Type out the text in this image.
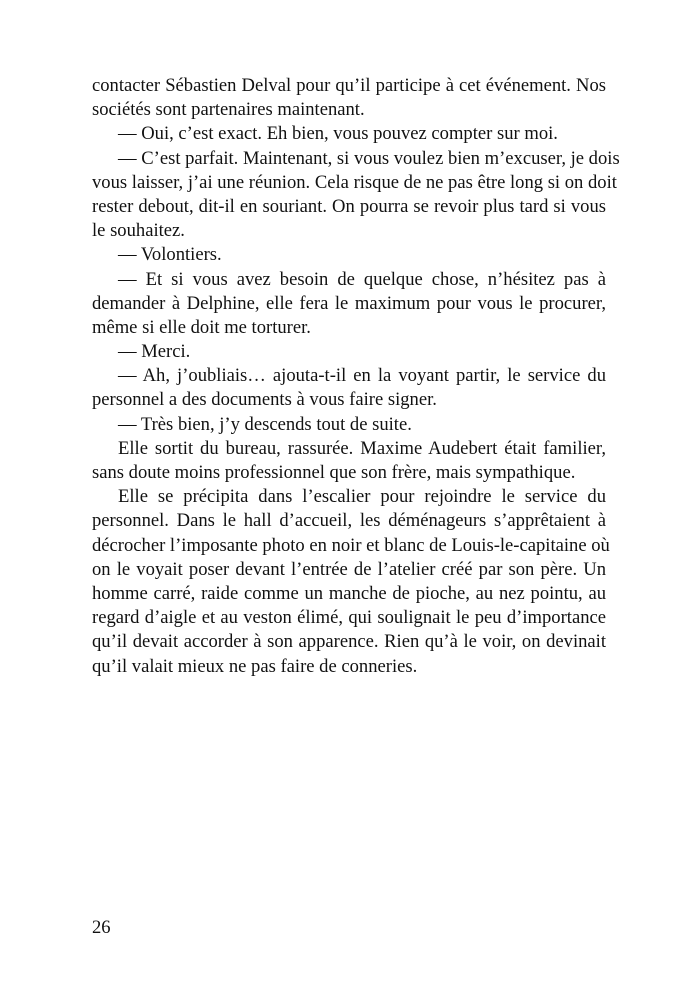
contacter Sébastien Delval pour qu’il participe à cet événement. Nos
sociétés sont partenaires maintenant.
— Oui, c’est exact. Eh bien, vous pouvez compter sur moi.
— C’est parfait. Maintenant, si vous voulez bien m’excuser, je dois
vous laisser, j’ai une réunion. Cela risque de ne pas être long si on doit
rester debout, dit-il en souriant. On pourra se revoir plus tard si vous
le souhaitez.
— Volontiers.
— Et si vous avez besoin de quelque chose, n’hésitez pas à
demander à Delphine, elle fera le maximum pour vous le procurer,
même si elle doit me torturer.
— Merci.
— Ah, j’oubliais… ajouta-t-il en la voyant partir, le service du
personnel a des documents à vous faire signer.
— Très bien, j’y descends tout de suite.
Elle sortit du bureau, rassurée. Maxime Audebert était familier,
sans doute moins professionnel que son frère, mais sympathique.
Elle se précipita dans l’escalier pour rejoindre le service du
personnel. Dans le hall d’accueil, les déménageurs s’apprêtaient à
décrocher l’imposante photo en noir et blanc de Louis-le-capitaine où
on le voyait poser devant l’entrée de l’atelier créé par son père. Un
homme carré, raide comme un manche de pioche, au nez pointu, au
regard d’aigle et au veston élimé, qui soulignait le peu d’importance
qu’il devait accorder à son apparence. Rien qu’à le voir, on devinait
qu’il valait mieux ne pas faire de conneries.
26
